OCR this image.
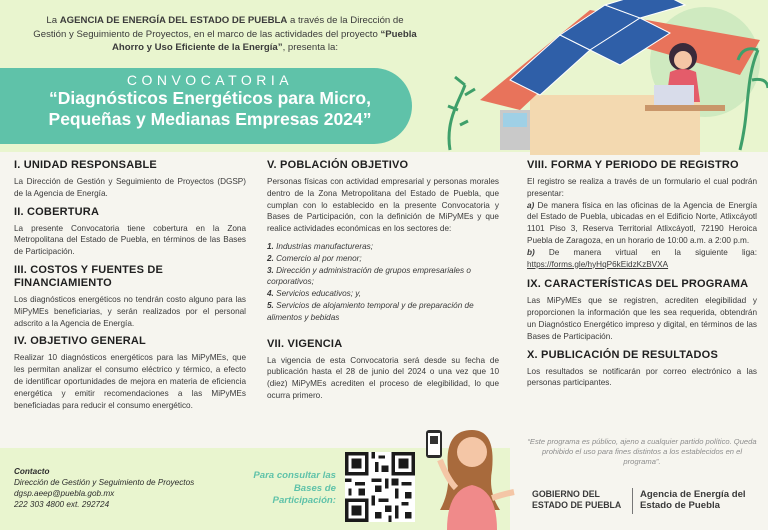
La AGENCIA DE ENERGÍA DEL ESTADO DE PUEBLA a través de la Dirección de Gestión y Seguimiento de Proyectos, en el marco de las actividades del proyecto “Puebla Ahorro y Uso Eficiente de la Energía”, presenta la:

CONVOCATORIA
“Diagnósticos Energéticos para Micro, Pequeñas y Medianas Empresas 2024”
I. UNIDAD RESPONSABLE

La Dirección de Gestión y Seguimiento de Proyectos (DGSP) de la Agencia de Energía.

II. COBERTURA

La presente Convocatoria tiene cobertura en la Zona Metropolitana del Estado de Puebla, en términos de las Bases de Participación.

III. COSTOS Y FUENTES DE FINANCIAMIENTO

Los diagnósticos energéticos no tendrán costo alguno para las MiPyMEs beneficiarias, y serán realizados por el personal adscrito a la Agencia de Energía.

IV. OBJETIVO GENERAL

Realizar 10 diagnósticos energéticos para las MiPyMEs, que les permitan analizar el consumo eléctrico y térmico, a efecto de identificar oportunidades de mejora en materia de eficiencia energética y emitir recomendaciones a las MiPyMEs beneficiadas para reducir el consumo energético.

V. POBLACIÓN OBJETIVO

Personas físicas con actividad empresarial y personas morales dentro de la Zona Metropolitana del Estado de Puebla, que cumplan con lo establecido en la presente Convocatoria y Bases de Participación, con la definición de MiPyMEs y que realice actividades económicas en los sectores de:

1. Industrias manufactureras;
2. Comercio al por menor;
3. Dirección y administración de grupos empresariales o corporativos;
4. Servicios educativos; y,
5. Servicios de alojamiento temporal y de preparación de alimentos y bebidas
VII. VIGENCIA

La vigencia de esta Convocatoria será desde su fecha de publicación hasta el 28 de junio del 2024 o una vez que 10 (diez) MiPyMEs acrediten el proceso de elegibilidad, lo que ocurra primero.

VIII. FORMA Y PERIODO DE REGISTRO

El registro se realiza a través de un formulario el cual podrán presentar:
a) De manera física en las oficinas de la Agencia de Energía del Estado de Puebla, ubicadas en el Edificio Norte, Atlixcáyotl 1101 Piso 3, Reserva Territorial Atlixcáyotl, 72190 Heroica Puebla de Zaragoza, en un horario de 10:00 a.m. a 2:00 p.m.
b) De manera virtual en la siguiente liga: https://forms.gle/hyHqP6kEidzKzBVXA

IX. CARACTERÍSTICAS DEL PROGRAMA

Las MiPyMEs que se registren, acrediten elegibilidad y proporcionen la información que les sea requerida, obtendrán un Diagnóstico Energético impreso y digital, en términos de las Bases de Participación.

X. PUBLICACIÓN DE RESULTADOS

Los resultados se notificarán por correo electrónico a las personas participantes.

“Este programa es público, ajeno a cualquier partido político. Queda prohibido el uso para fines distintos a los establecidos en el programa”.

Contacto
Dirección de Gestión y Seguimiento de Proyectos
dgsp.aeep@puebla.gob.mx
222 303 4800 ext. 292724
Para consultar las Bases de Participación:
GOBIERNO DEL ESTADO DE PUEBLA
Agencia de Energía del Estado de Puebla
